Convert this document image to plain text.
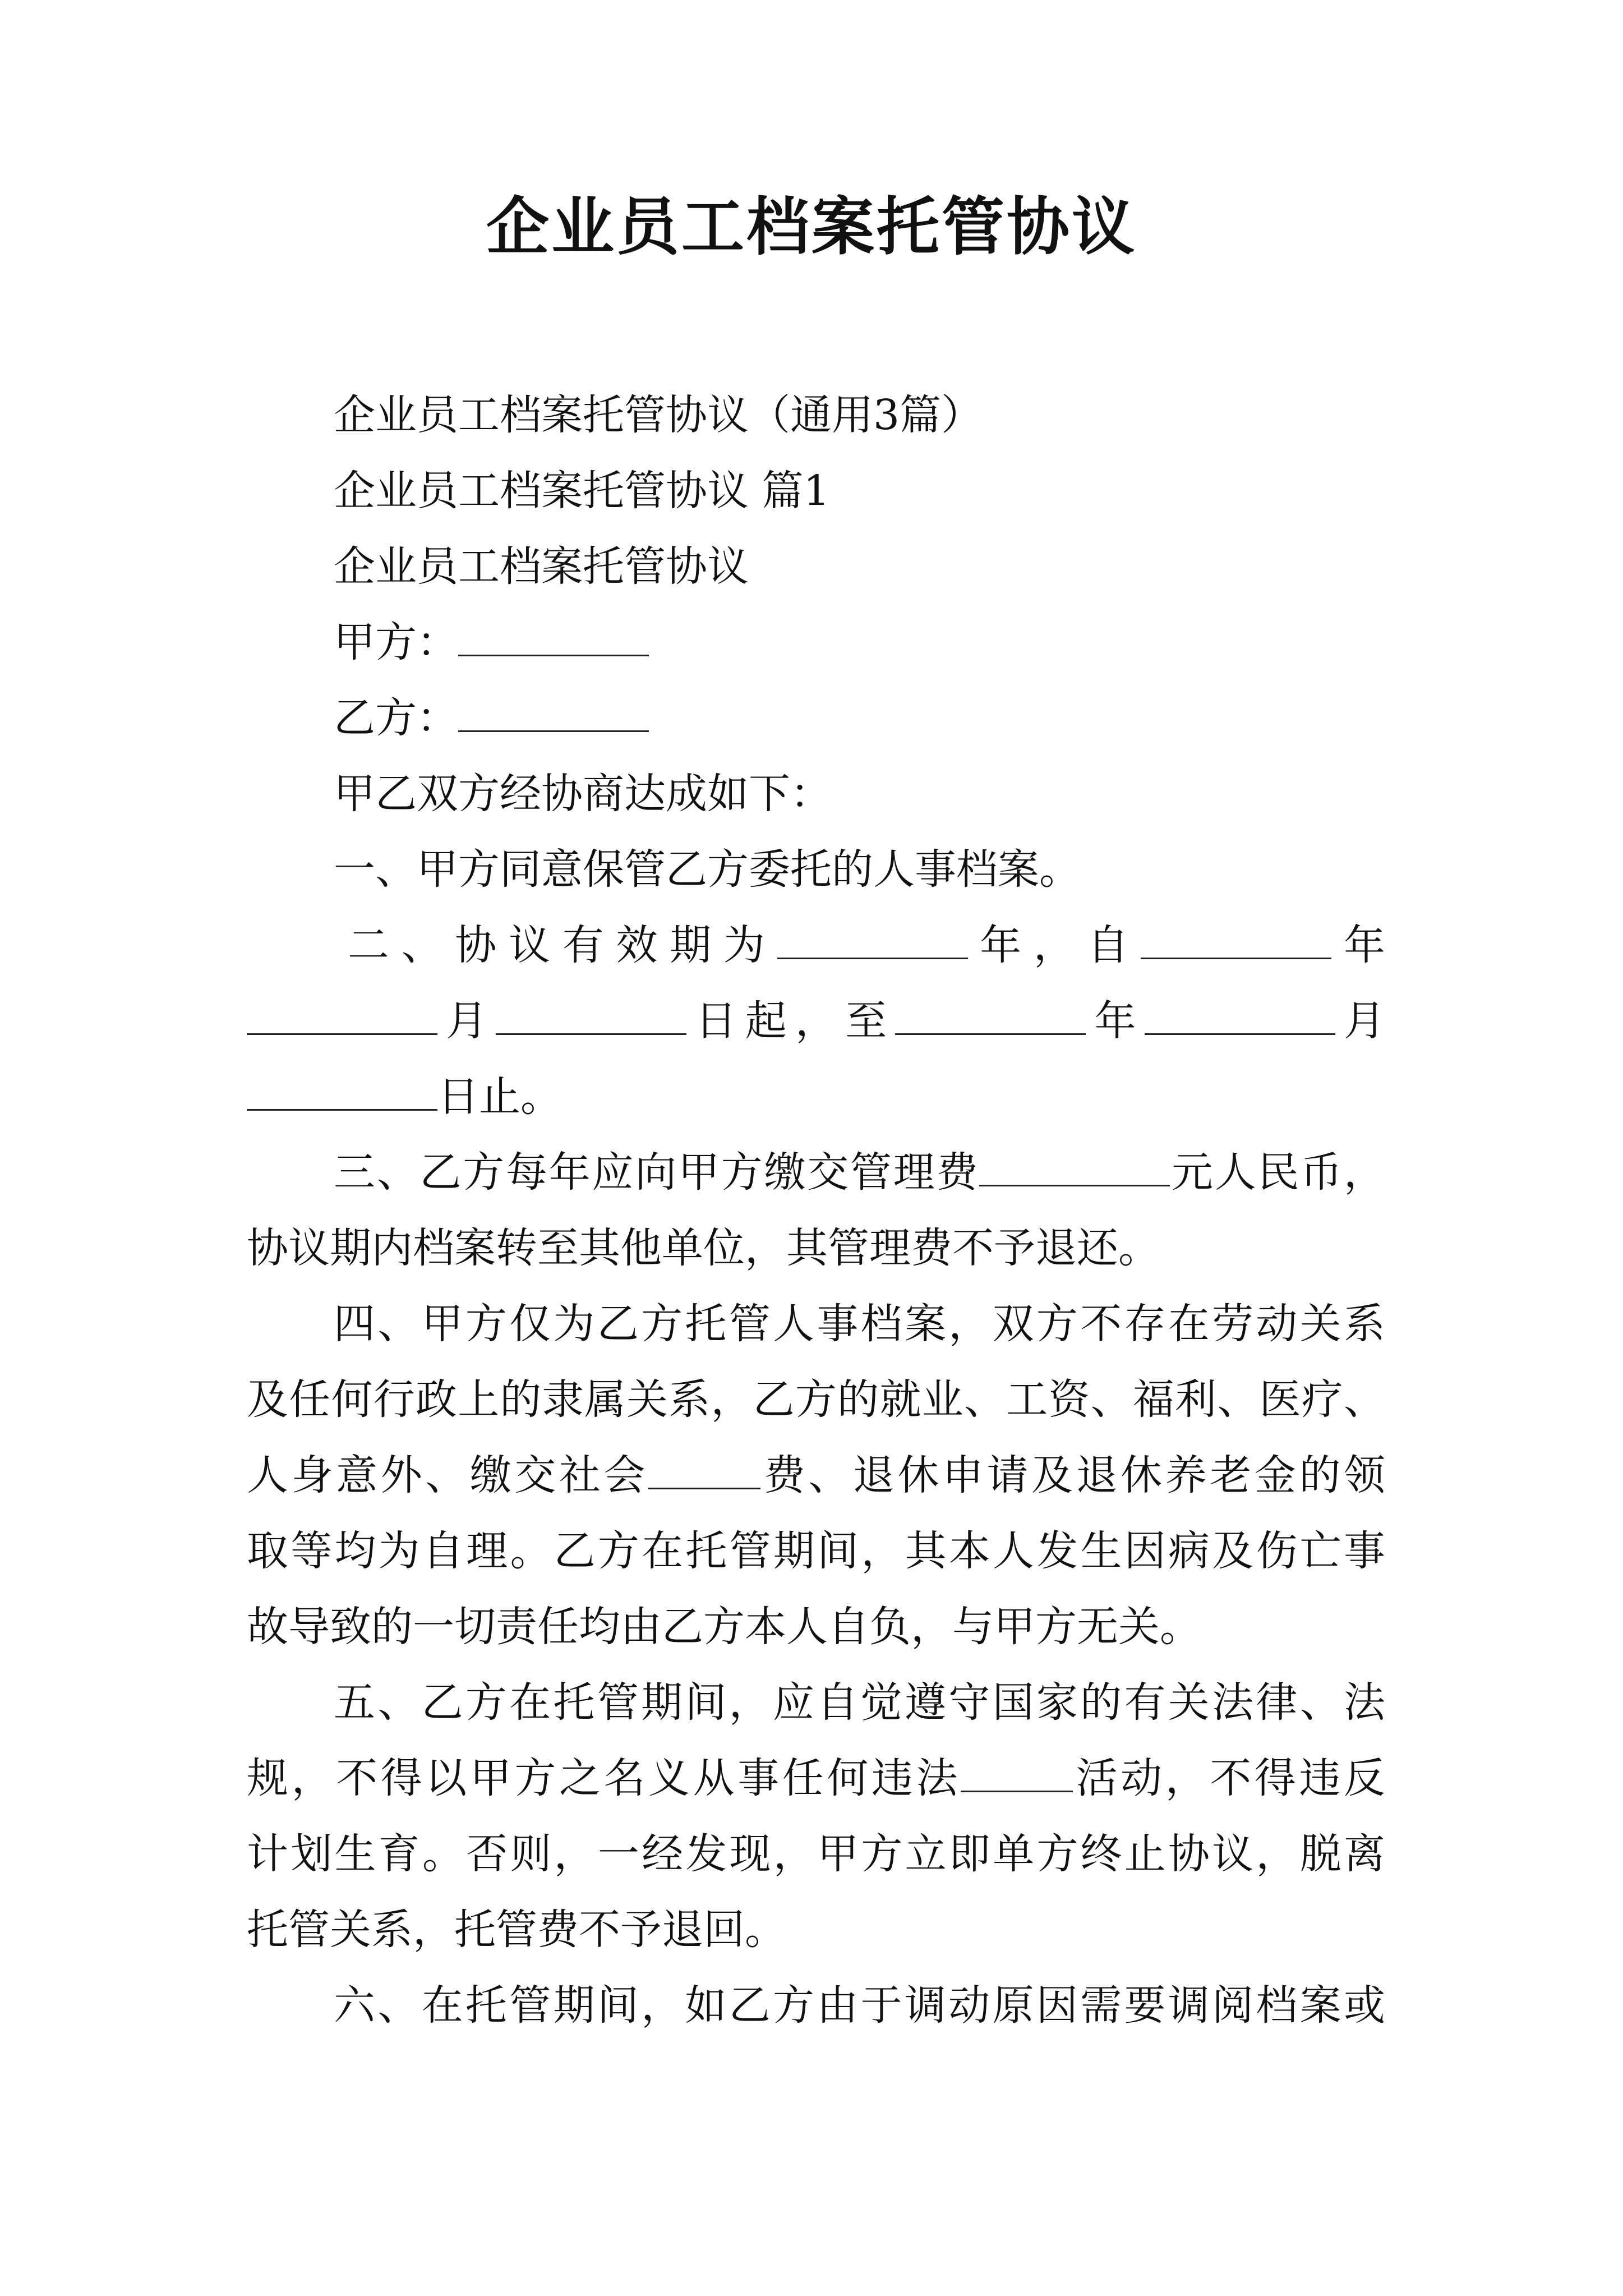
企业员工档案托管协议
企业员工档案托管协议（通用3篇）
企业员工档案托管协议 篇1
企业员工档案托管协议
甲方：
乙方：
甲乙双方经协商达成如下：
一、甲方同意保管乙方委托的人事档案。
二、协议有效期为	年，自	年
月	日起，至	年	月
日止。
三、乙方每年应向甲方缴交管理费	元人民币，
协议期内档案转至其他单位，其管理费不予退还。
四、甲方仅为乙方托管人事档案，双方不存在劳动关系
及任何行政上的隶属关系，乙方的就业、工资、福利、医疗、
人身意外、缴交社会	费、退休申请及退休养老金的领
取等均为自理。乙方在托管期间，其本人发生因病及伤亡事
故导致的一切责任均由乙方本人自负，与甲方无关。
五、乙方在托管期间，应自觉遵守国家的有关法律、法
规，不得以甲方之名义从事任何违法	活动，不得违反
计划生育。否则，一经发现，甲方立即单方终止协议，脱离
托管关系，托管费不予退回。
六、在托管期间，如乙方由于调动原因需要调阅档案或
